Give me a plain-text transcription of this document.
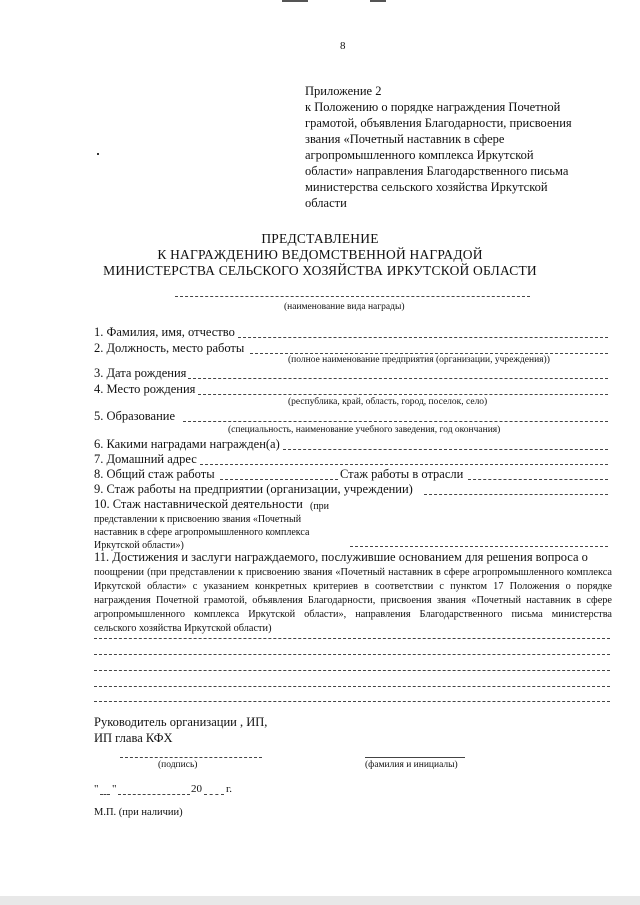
8
Приложение 2
к Положению о порядке награждения Почетной
грамотой, объявления Благодарности, присвоения
звания «Почетный наставник в сфере
агропромышленного комплекса Иркутской
области» направления Благодарственного письма
министерства сельского хозяйства Иркутской
области
ПРЕДСТАВЛЕНИЕ
К НАГРАЖДЕНИЮ ВЕДОМСТВЕННОЙ НАГРАДОЙ
МИНИСТЕРСТВА СЕЛЬСКОГО ХОЗЯЙСТВА ИРКУТСКОЙ ОБЛАСТИ
(наименование вида награды)
1. Фамилия, имя, отчество
2. Должность, место работы
(полное наименование предприятия (организации, учреждения))
3. Дата рождения
4. Место рождения
(республика, край, область, город, поселок, село)
5. Образование
(специальность, наименование учебного заведения, год окончания)
6. Какими наградами награжден(а)
7. Домашний адрес
8. Общий стаж работы	Стаж работы в отрасли
9. Стаж работы на предприятии (организации, учреждении)
10. Стаж наставнической деятельности (при
представлении к присвоению звания «Почетный
наставник в сфере агропромышленного комплекса
Иркутской области»)
11. Достижения и заслуги награждаемого, послужившие основанием для решения вопроса о
поощрении (при представлении к присвоению звания «Почетный наставник в сфере агропромышленного комплекса Иркутской области» с указанием конкретных критериев в соответствии с пунктом 17 Положения о порядке награждения Почетной грамотой, объявления Благодарности, присвоения звания «Почетный наставник в сфере агропромышленного комплекса Иркутской области», направления Благодарственного письма министерства сельского хозяйства Иркутской области)
Руководитель организации , ИП,
ИП глава КФХ
(подпись)	(фамилия и инициалы)
" "	20 г.
М.П. (при наличии)
